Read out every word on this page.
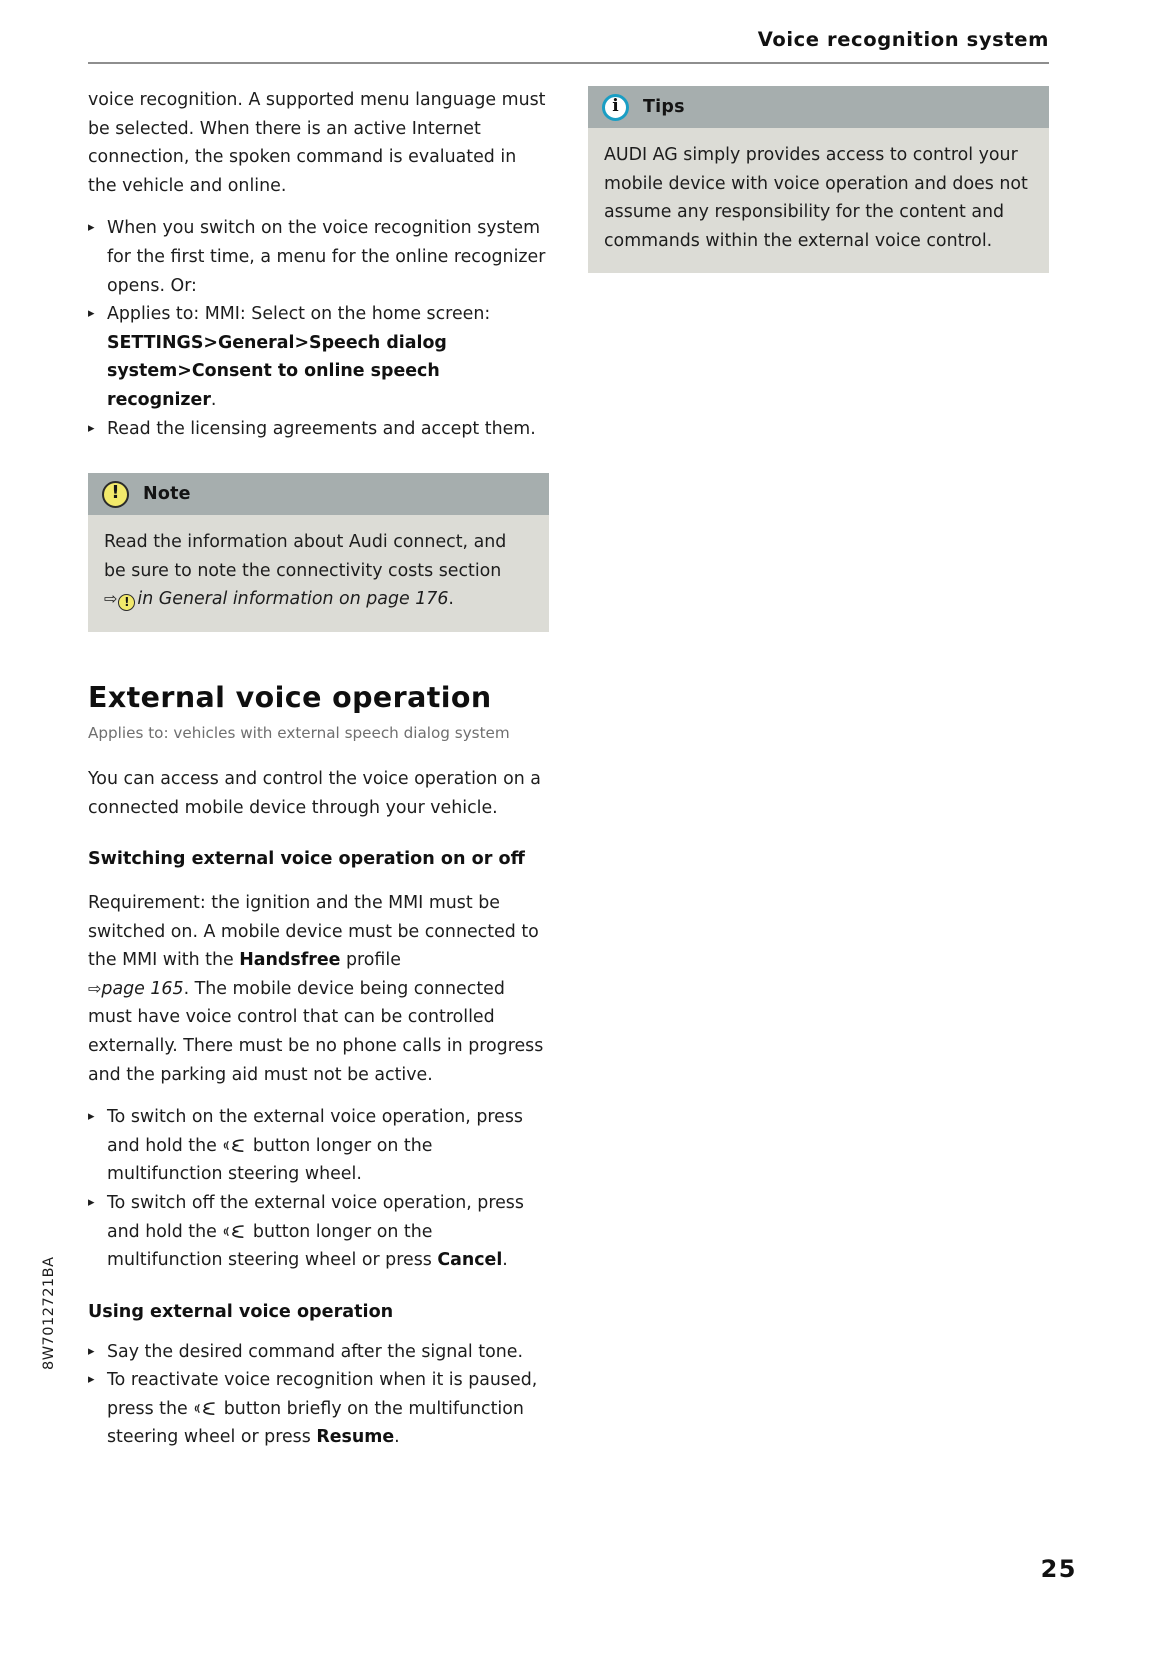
Voice recognition system

voice recognition. A supported menu language must be selected. When there is an active Internet connection, the spoken command is evaluated in the vehicle and online.

▸ When you switch on the voice recognition system for the first time, a menu for the online recognizer opens. Or:
▸ Applies to: MMI: Select on the home screen: SETTINGS>General>Speech dialog system>Consent to online speech recognizer.
▸ Read the licensing agreements and accept them.
! Note
Read the information about Audi connect, and be sure to note the connectivity costs section
⇨ ! in General information on page 176.
External voice operation
Applies to: vehicles with external speech dialog system

You can access and control the voice operation on a connected mobile device through your vehicle.

Switching external voice operation on or off

Requirement: the ignition and the MMI must be switched on. A mobile device must be connected to the MMI with the Handsfree profile
⇨page 165. The mobile device being connected must have voice control that can be controlled externally. There must be no phone calls in progress and the parking aid must not be active.

▸ To switch on the external voice operation, press and hold the
button longer on the multifunction steering wheel.
▸ To switch off the external voice operation, press and hold the
button longer on the multifunction steering wheel or press Cancel.
Using external voice operation
▸ Say the desired command after the signal tone.
▸ To reactivate voice recognition when it is paused, press the
button briefly on the multifunction steering wheel or press Resume.
i Tips
AUDI AG simply provides access to control your mobile device with voice operation and does not assume any responsibility for the content and commands within the external voice control.
8W7012721BA
25
